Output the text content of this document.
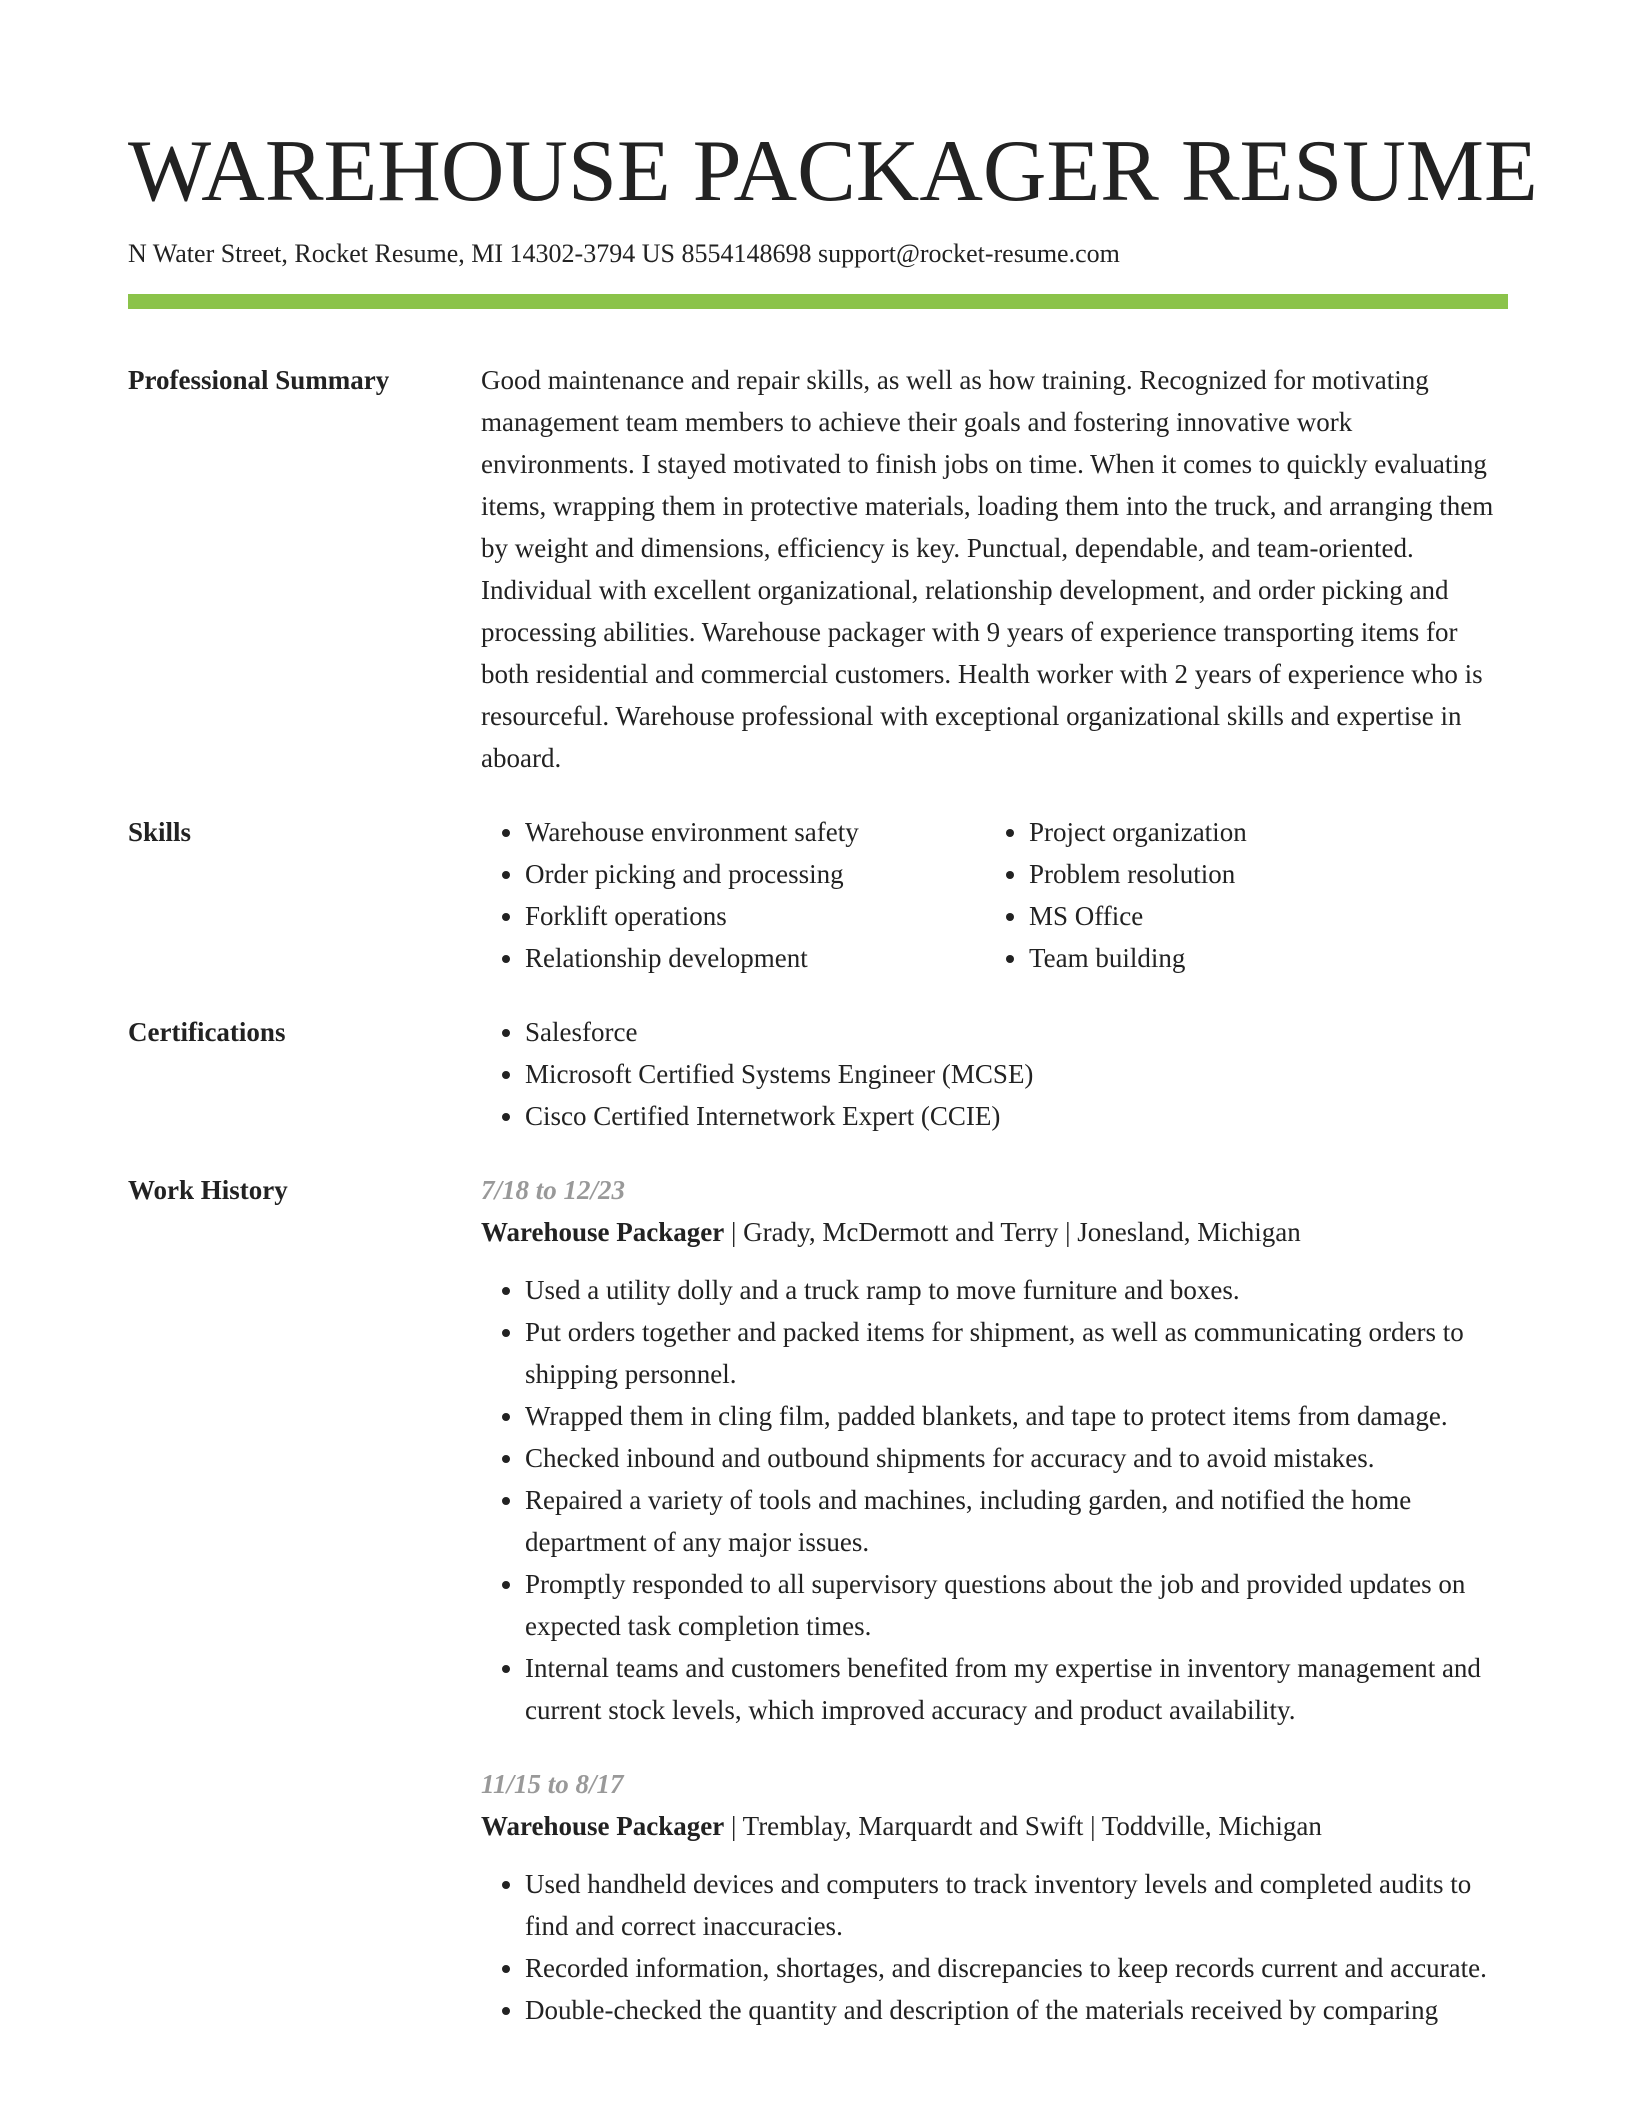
WAREHOUSE PACKAGER RESUME
N Water Street, Rocket Resume, MI 14302-3794 US 8554148698 support@rocket-resume.com
Professional Summary	Good maintenance and repair skills, as well as how training. Recognized for motivating management team members to achieve their goals and fostering innovative work environments. I stayed motivated to finish jobs on time. When it comes to quickly evaluating items, wrapping them in protective materials, loading them into the truck, and arranging them by weight and dimensions, efficiency is key. Punctual, dependable, and team-oriented. Individual with excellent organizational, relationship development, and order picking and processing abilities. Warehouse packager with 9 years of experience transporting items for both residential and commercial customers. Health worker with 2 years of experience who is resourceful. Warehouse professional with exceptional organizational skills and expertise in aboard.
Skills	• Warehouse environment safety
• Order picking and processing
• Forklift operations
• Relationship development
• Project organization
• Problem resolution
• MS Office
• Team building
Certifications	• Salesforce
• Microsoft Certified Systems Engineer (MCSE)
• Cisco Certified Internetwork Expert (CCIE)
Work History	7/18 to 12/23
Warehouse Packager | Grady, McDermott and Terry | Jonesland, Michigan
• Used a utility dolly and a truck ramp to move furniture and boxes.
• Put orders together and packed items for shipment, as well as communicating orders to shipping personnel.
• Wrapped them in cling film, padded blankets, and tape to protect items from damage.
• Checked inbound and outbound shipments for accuracy and to avoid mistakes.
• Repaired a variety of tools and machines, including garden, and notified the home department of any major issues.
• Promptly responded to all supervisory questions about the job and provided updates on expected task completion times.
• Internal teams and customers benefited from my expertise in inventory management and current stock levels, which improved accuracy and product availability.
11/15 to 8/17
Warehouse Packager | Tremblay, Marquardt and Swift | Toddville, Michigan
• Used handheld devices and computers to track inventory levels and completed audits to find and correct inaccuracies.
• Recorded information, shortages, and discrepancies to keep records current and accurate.
• Double-checked the quantity and description of the materials received by comparing
